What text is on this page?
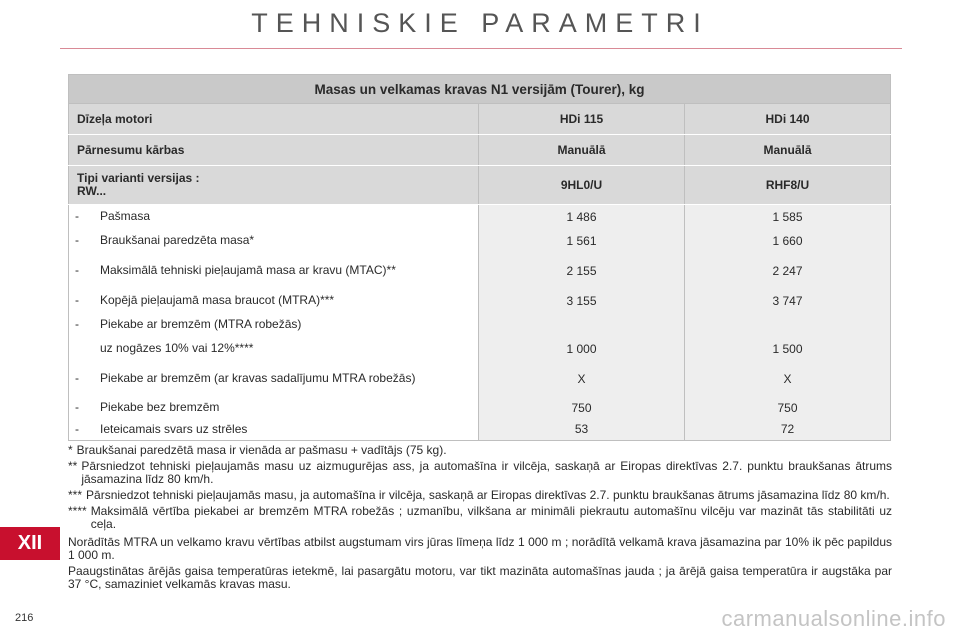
TEHNISKIE PARAMETRI
Masas un velkamas kravas N1 versijām (Tourer), kg		
Dīzeļa motori	HDi 115	HDi 140
Pārnesumu kārbas	Manuālā	Manuālā

Tipi varianti versijas :
RW...	9HL0/U	RHF8/U
- Pašmasa	1 486	1 585
- Braukšanai paredzēta masa*	1 561	1 660
- Maksimālā tehniski pieļaujamā masa ar kravu (MTAC)**	2 155	2 247
- Kopējā pieļaujamā masa braucot (MTRA)***	3 155	3 747
- Piekabe ar bremzēm (MTRA robežās)		
uz nogāzes 10% vai 12%****	1 000	1 500
- Piekabe ar bremzēm (ar kravas sadalījumu MTRA robežās)	X	X
- Piekabe bez bremzēm	750	750
- Ieteicamais svars uz strēles	53	72
* Braukšanai paredzētā masa ir vienāda ar pašmasu + vadītājs (75 kg).
** Pārsniedzot tehniski pieļaujamās masu uz aizmugurējas ass, ja automašīna ir vilcēja, saskaņā ar Eiropas direktīvas 2.7. punktu braukšanas ātrums jāsamazina līdz 80 km/h.
*** Pārsniedzot tehniski pieļaujamās masu, ja automašīna ir vilcēja, saskaņā ar Eiropas direktīvas 2.7. punktu braukšanas ātrums jāsamazina līdz 80 km/h.
**** Maksimālā vērtība piekabei ar bremzēm MTRA robežās ; uzmanību, vilkšana ar minimāli piekrautu automašīnu vilcēju var mazināt tās stabilitāti uz ceļa.
Norādītās MTRA un velkamo kravu vērtības atbilst augstumam virs jūras līmeņa līdz 1 000 m ; norādītā velkamā krava jāsamazina par 10% ik pēc papildus 1 000 m.
Paaugstinātas ārējās gaisa temperatūras ietekmē, lai pasargātu motoru, var tikt mazināta automašīnas jauda ; ja ārējā gaisa temperatūra ir augstāka par 37 °C, samaziniet velkamās kravas masu.
XII
216	carmanualsonline.info
